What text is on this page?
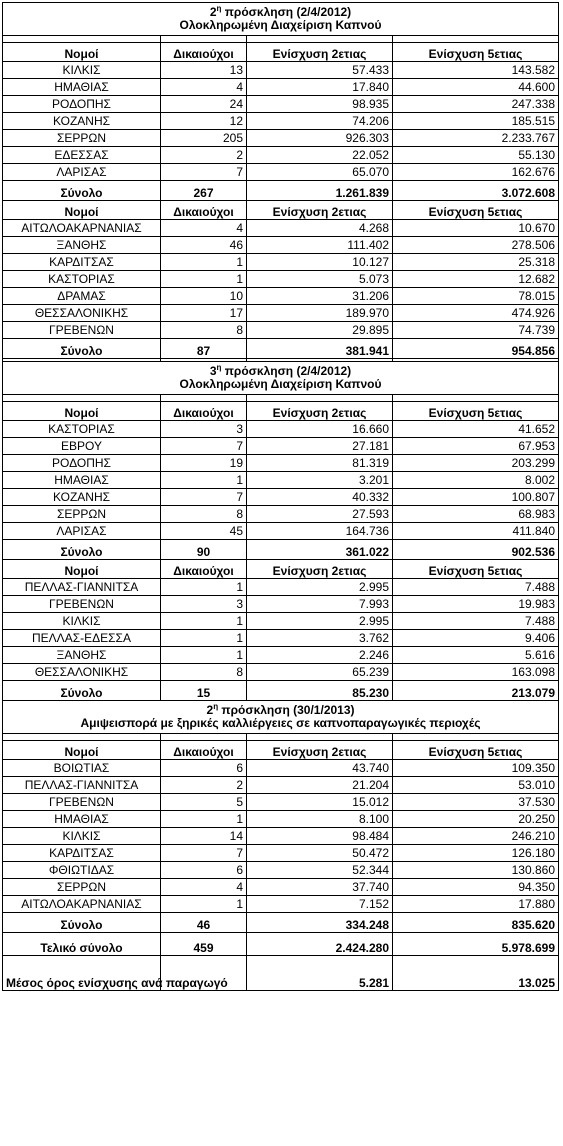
$2^\eta$ πρόσκληση (2/4/2012)
Ολοκληρωμένη Διαχείριση Καπνού			

Νομοί	Δικαιούχοι	Ενίσχυση 2ετιας	Ενίσχυση 5ετιας
ΚΙΛΚΙΣ	13	57.433	143.582
ΗΜΑΘΙΑΣ	4	17.840	44.600
ΡΟΔΟΠΗΣ	24	98.935	247.338
ΚΟΖΑΝΗΣ	12	74.206	185.515
ΣΕΡΡΩΝ	205	926.303	2.233.767
ΕΔΕΣΣΑΣ	2	22.052	55.130
ΛΑΡΙΣΑΣ	7	65.070	162.676
Σύνολο	267	1.261.839	3.072.608
Νομοί	Δικαιούχοι	Ενίσχυση 2ετιας	Ενίσχυση 5ετιας
ΑΙΤΩΛΟΑΚΑΡΝΑΝΙΑΣ	4	4.268	10.670
ΞΑΝΘΗΣ	46	111.402	278.506
ΚΑΡΔΙΤΣΑΣ	1	10.127	25.318
ΚΑΣΤΟΡΙΑΣ	1	5.073	12.682
ΔΡΑΜΑΣ	10	31.206	78.015
ΘΕΣΣΑΛΟΝΙΚΗΣ	17	189.970	474.926
ΓΡΕΒΕΝΩΝ	8	29.895	74.739
Σύνολο	87	381.941	954.856

$3^\eta$ πρόσκληση (2/4/2012)
Ολοκληρωμένη Διαχείριση Καπνού			

Νομοί	Δικαιούχοι	Ενίσχυση 2ετιας	Ενίσχυση 5ετιας
ΚΑΣΤΟΡΙΑΣ	3	16.660	41.652
ΕΒΡΟΥ	7	27.181	67.953
ΡΟΔΟΠΗΣ	19	81.319	203.299
ΗΜΑΘΙΑΣ	1	3.201	8.002
ΚΟΖΑΝΗΣ	7	40.332	100.807
ΣΕΡΡΩΝ	8	27.593	68.983
ΛΑΡΙΣΑΣ	45	164.736	411.840
Σύνολο	90	361.022	902.536
Νομοί	Δικαιούχοι	Ενίσχυση 2ετιας	Ενίσχυση 5ετιας
ΠΕΛΛΑΣ-ΓΙΑΝΝΙΤΣΑ	1	2.995	7.488
ΓΡΕΒΕΝΩΝ	3	7.993	19.983
ΚΙΛΚΙΣ	1	2.995	7.488
ΠΕΛΛΑΣ-ΕΔΕΣΣΑ	1	3.762	9.406
ΞΑΝΘΗΣ	1	2.246	5.616
ΘΕΣΣΑΛΟΝΙΚΗΣ	8	65.239	163.098
Σύνολο	15	85.230	213.079

$2^\eta$ πρόσκληση (30/1/2013)
Αμιψεισπορά με ξηρικές καλλιέργειες σε καπνοπαραγωγικές περιοχές			

Νομοί	Δικαιούχοι	Ενίσχυση 2ετιας	Ενίσχυση 5ετιας
ΒΟΙΩΤΙΑΣ	6	43.740	109.350
ΠΕΛΛΑΣ-ΓΙΑΝΝΙΤΣΑ	2	21.204	53.010
ΓΡΕΒΕΝΩΝ	5	15.012	37.530
ΗΜΑΘΙΑΣ	1	8.100	20.250
ΚΙΛΚΙΣ	14	98.484	246.210
ΚΑΡΔΙΤΣΑΣ	7	50.472	126.180
ΦΘΙΩΤΙΔΑΣ	6	52.344	130.860
ΣΕΡΡΩΝ	4	37.740	94.350
ΑΙΤΩΛΟΑΚΑΡΝΑΝΙΑΣ	1	7.152	17.880
Σύνολο	46	334.248	835.620
Τελικό σύνολο	459	2.424.280	5.978.699
Μέσος όρος ενίσχυσης ανά παραγωγό		5.281	13.025
